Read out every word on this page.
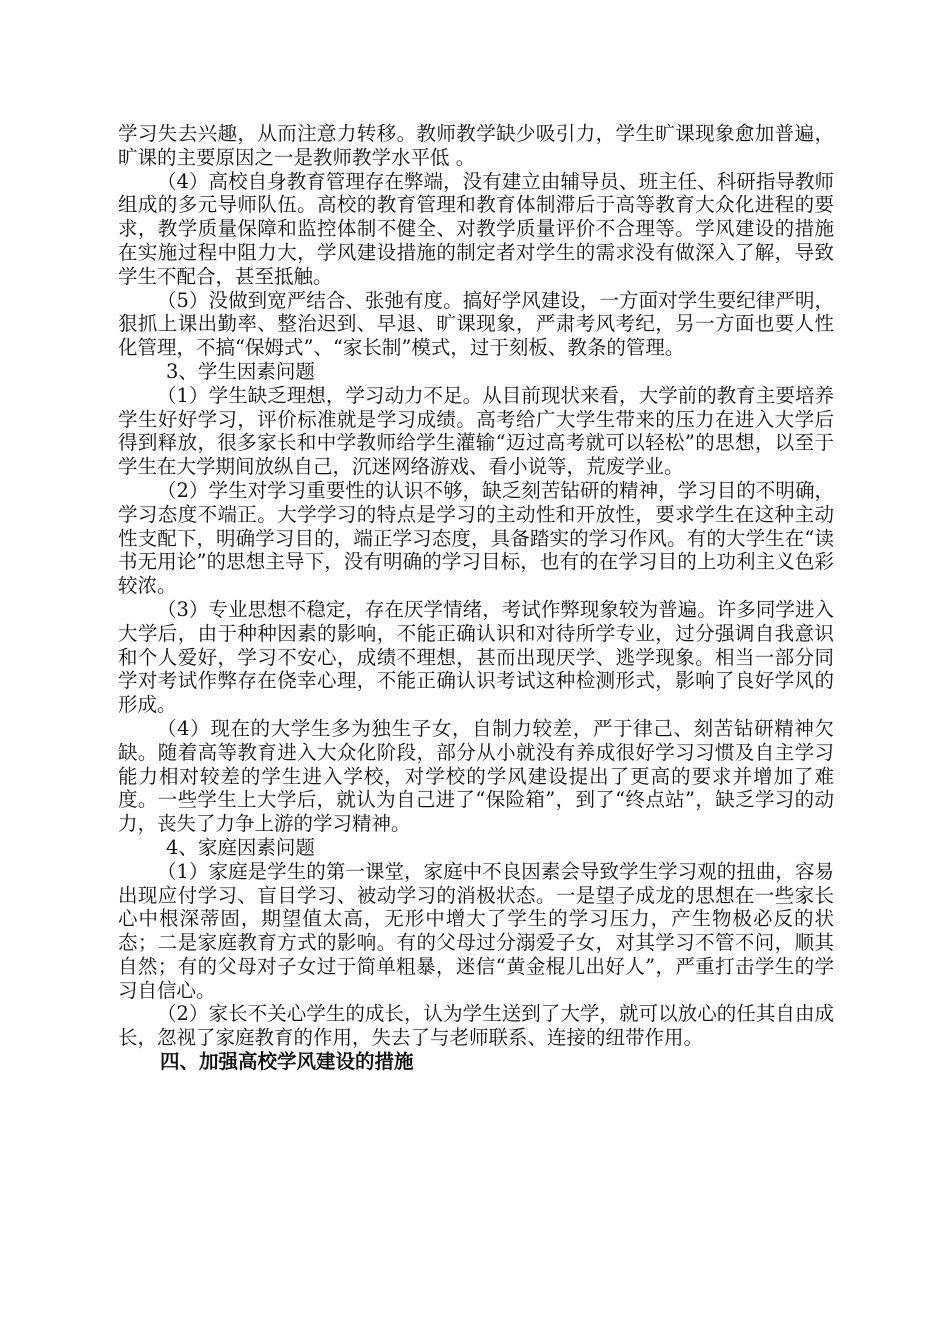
学习失去兴趣，从而注意力转移。教师教学缺少吸引力，学生旷课现象愈加普遍，旷课的主要原因之一是教师教学水平低 。

（4）高校自身教育管理存在弊端，没有建立由辅导员、班主任、科研指导教师组成的多元导师队伍。高校的教育管理和教育体制滞后于高等教育大众化进程的要求，教学质量保障和监控体制不健全、对教学质量评价不合理等。学风建设的措施在实施过程中阻力大，学风建设措施的制定者对学生的需求没有做深入了解，导致学生不配合，甚至抵触。

（5）没做到宽严结合、张弛有度。搞好学风建设，一方面对学生要纪律严明，狠抓上课出勤率、整治迟到、早退、旷课现象，严肃考风考纪，另一方面也要人性化管理，不搞“保姆式”、“家长制”模式，过于刻板、教条的管理。

3、学生因素问题

（1）学生缺乏理想，学习动力不足。从目前现状来看，大学前的教育主要培养学生好好学习，评价标准就是学习成绩。高考给广大学生带来的压力在进入大学后得到释放，很多家长和中学教师给学生灌输“迈过高考就可以轻松”的思想，以至于学生在大学期间放纵自己，沉迷网络游戏、看小说等，荒废学业。

（2）学生对学习重要性的认识不够，缺乏刻苦钻研的精神，学习目的不明确，学习态度不端正。大学学习的特点是学习的主动性和开放性，要求学生在这种主动性支配下，明确学习目的，端正学习态度，具备踏实的学习作风。有的大学生在“读书无用论”的思想主导下，没有明确的学习目标，也有的在学习目的上功利主义色彩较浓。

（3）专业思想不稳定，存在厌学情绪，考试作弊现象较为普遍。许多同学进入大学后，由于种种因素的影响，不能正确认识和对待所学专业，过分强调自我意识和个人爱好，学习不安心，成绩不理想，甚而出现厌学、逃学现象。相当一部分同学对考试作弊存在侥幸心理，不能正确认识考试这种检测形式，影响了良好学风的形成。

（4）现在的大学生多为独生子女，自制力较差，严于律己、刻苦钻研精神欠缺。随着高等教育进入大众化阶段，部分从小就没有养成很好学习习惯及自主学习能力相对较差的学生进入学校，对学校的学风建设提出了更高的要求并增加了难度。一些学生上大学后，就认为自己进了“保险箱”，到了“终点站”，缺乏学习的动力，丧失了力争上游的学习精神。

4、家庭因素问题

（1）家庭是学生的第一课堂，家庭中不良因素会导致学生学习观的扭曲，容易出现应付学习、盲目学习、被动学习的消极状态。一是望子成龙的思想在一些家长心中根深蒂固，期望值太高，无形中增大了学生的学习压力，产生物极必反的状态；二是家庭教育方式的影响。有的父母过分溺爱子女，对其学习不管不问，顺其自然；有的父母对子女过于简单粗暴，迷信“黄金棍儿出好人”，严重打击学生的学习自信心。

（2）家长不关心学生的成长，认为学生送到了大学，就可以放心的任其自由成长，忽视了家庭教育的作用，失去了与老师联系、连接的纽带作用。

四、加强高校学风建设的措施
